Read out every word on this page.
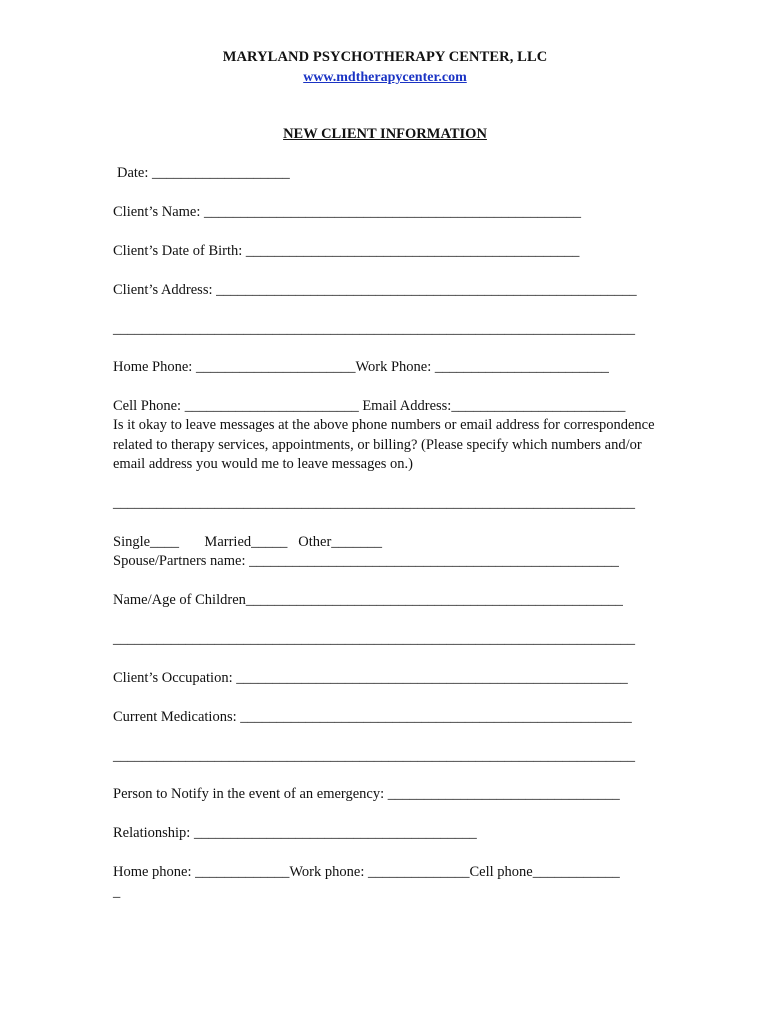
MARYLAND PSYCHOTHERAPY CENTER, LLC
www.mdtherapycenter.com
NEW CLIENT INFORMATION
Date: ___________________
Client’s Name: ____________________________________________________
Client’s Date of Birth: ______________________________________________
Client’s Address: __________________________________________________________
________________________________________________________________________
Home Phone: ______________________Work Phone: ________________________
Cell Phone: ________________________ Email Address:________________________
Is it okay to leave messages at the above phone numbers or email address for correspondence related to therapy services, appointments, or billing? (Please specify which numbers and/or email address you would me to leave messages on.)
________________________________________________________________________
Single____       Married_____   Other_______
Spouse/Partners name: ___________________________________________________
Name/Age of Children____________________________________________________
________________________________________________________________________
Client’s Occupation: ______________________________________________________
Current Medications: ______________________________________________________
________________________________________________________________________
Person to Notify in the event of an emergency: ________________________________
Relationship: _______________________________________
Home phone: _____________Work phone: ______________Cell phone____________
_
